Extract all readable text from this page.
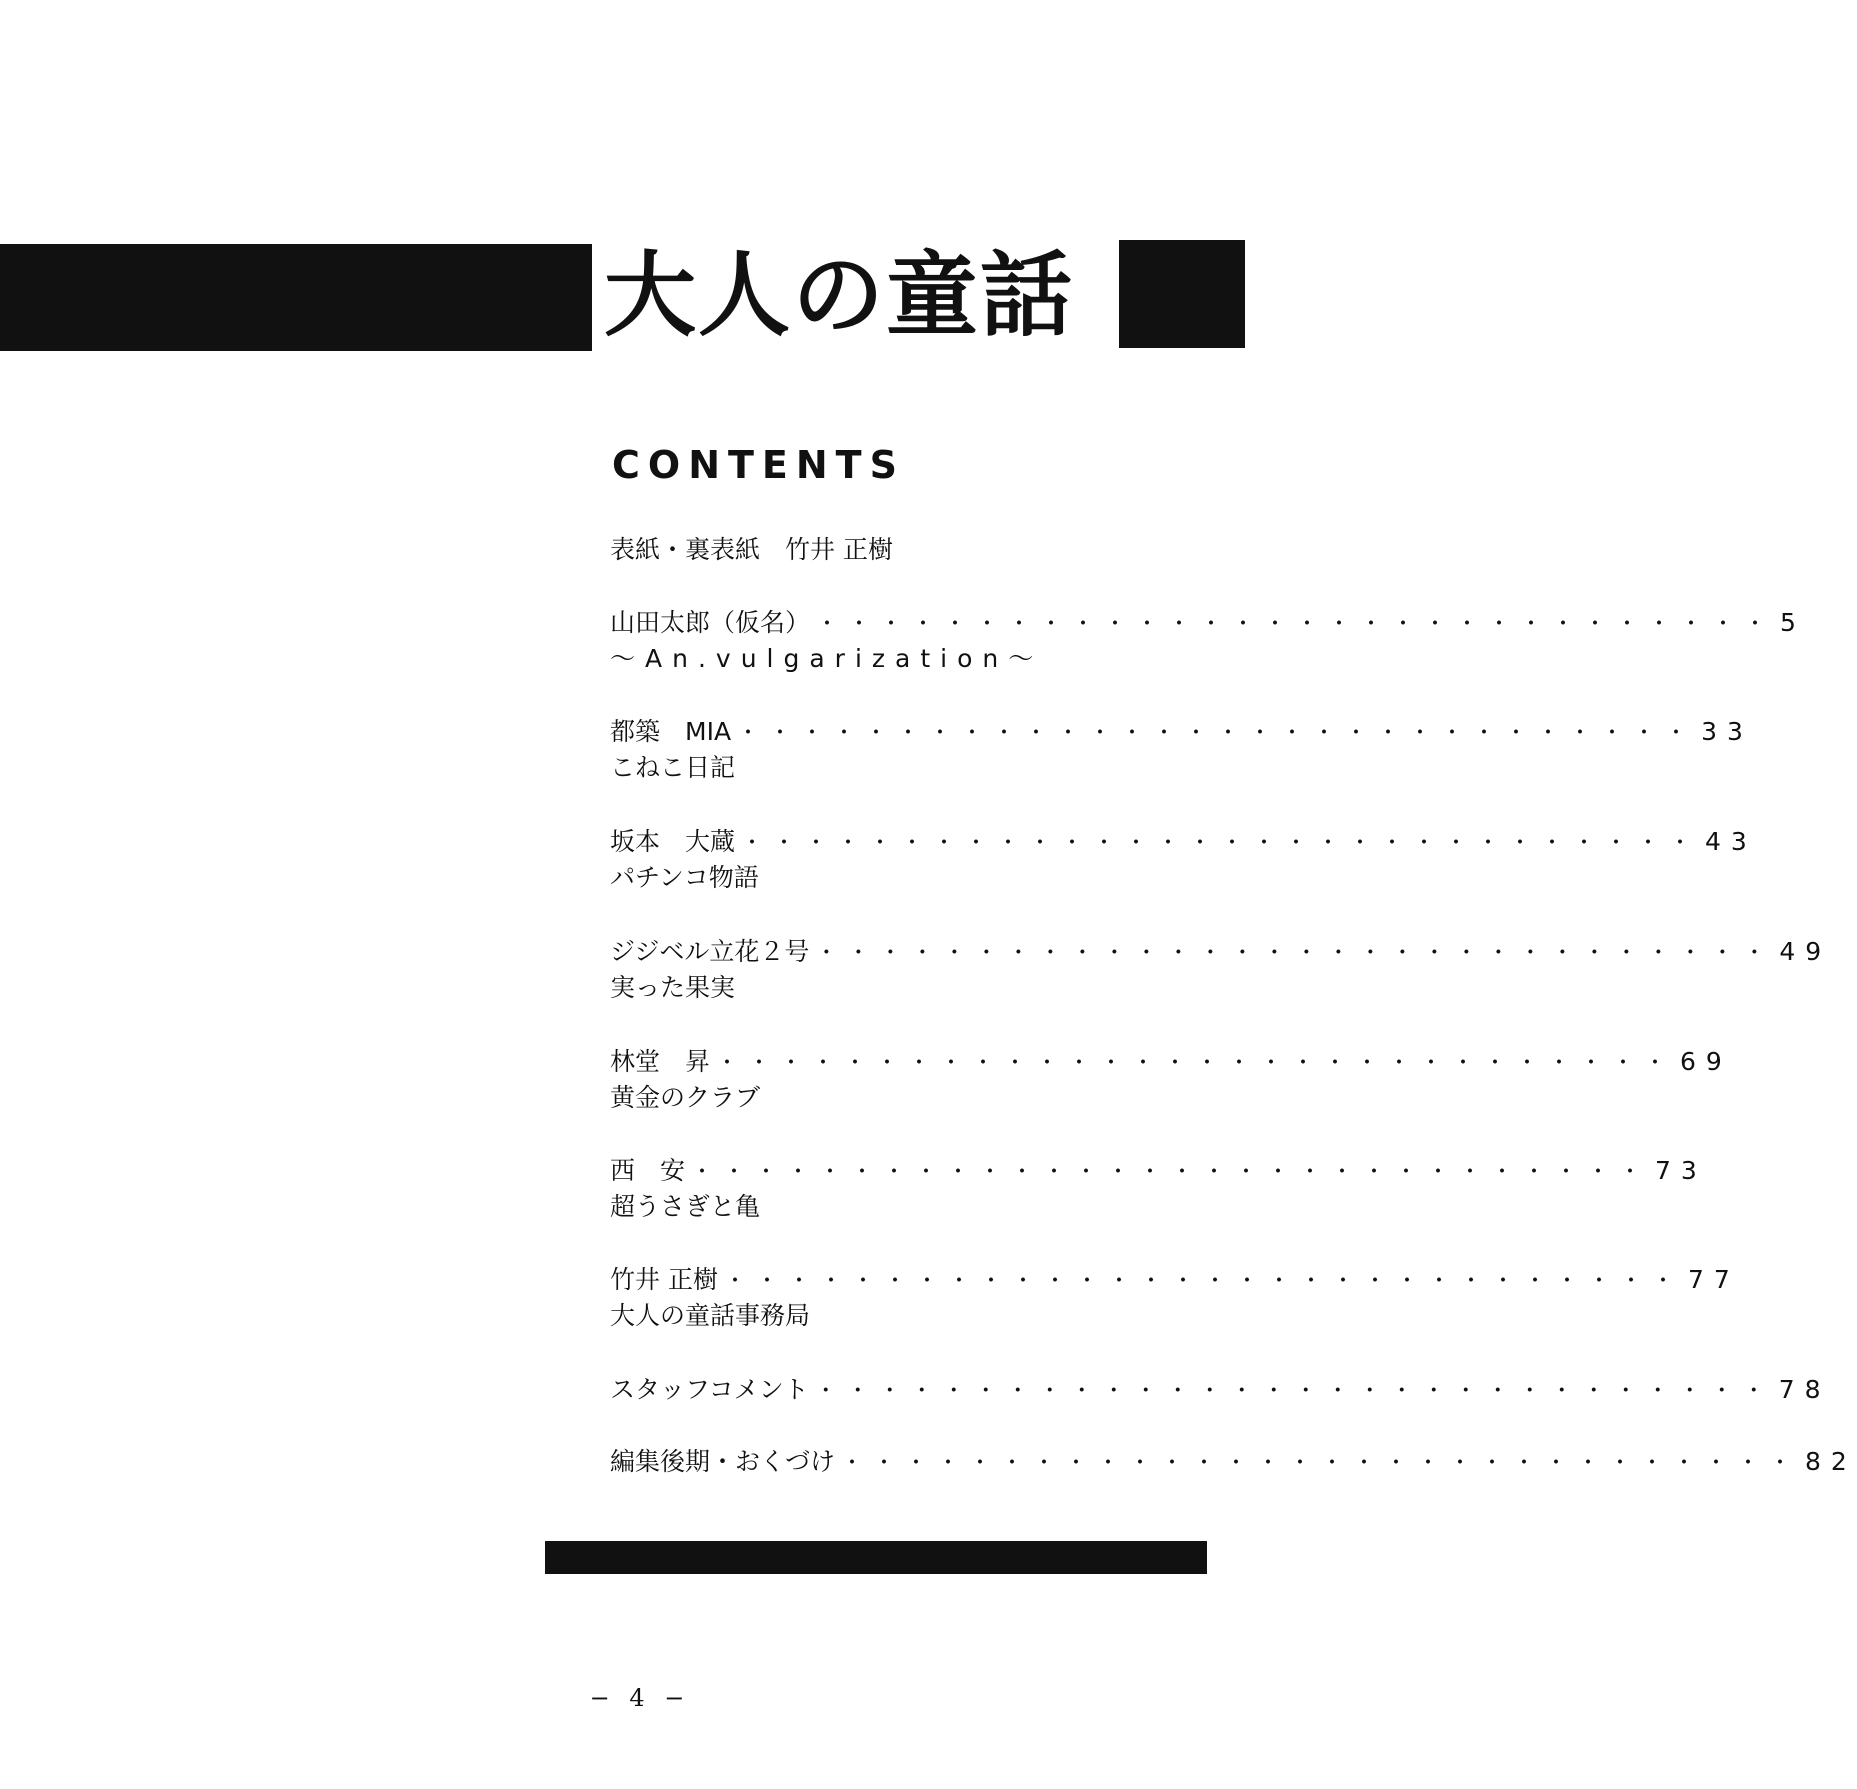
大人の童話
CONTENTS
表紙・裏表紙　竹井 正樹
山田太郎（仮名） ・・・・・・・・・・・・・・・・・・・・・・・・・・・・・・ 5
〜An.vulgarization〜
都築　MIA ・・・・・・・・・・・・・・・・・・・・・・・・・・・・・・ 33
こねこ日記
坂本　大蔵 ・・・・・・・・・・・・・・・・・・・・・・・・・・・・・・ 43
パチンコ物語
ジジベル立花２号 ・・・・・・・・・・・・・・・・・・・・・・・・・・・・・・ 49
実った果実
林堂　昇 ・・・・・・・・・・・・・・・・・・・・・・・・・・・・・・ 69
黄金のクラブ
西　安 ・・・・・・・・・・・・・・・・・・・・・・・・・・・・・・ 73
超うさぎと亀
竹井 正樹 ・・・・・・・・・・・・・・・・・・・・・・・・・・・・・・ 77
大人の童話事務局
スタッフコメント ・・・・・・・・・・・・・・・・・・・・・・・・・・・・・・ 78
編集後期・おくづけ ・・・・・・・・・・・・・・・・・・・・・・・・・・・・・・ 82
− 4 −
